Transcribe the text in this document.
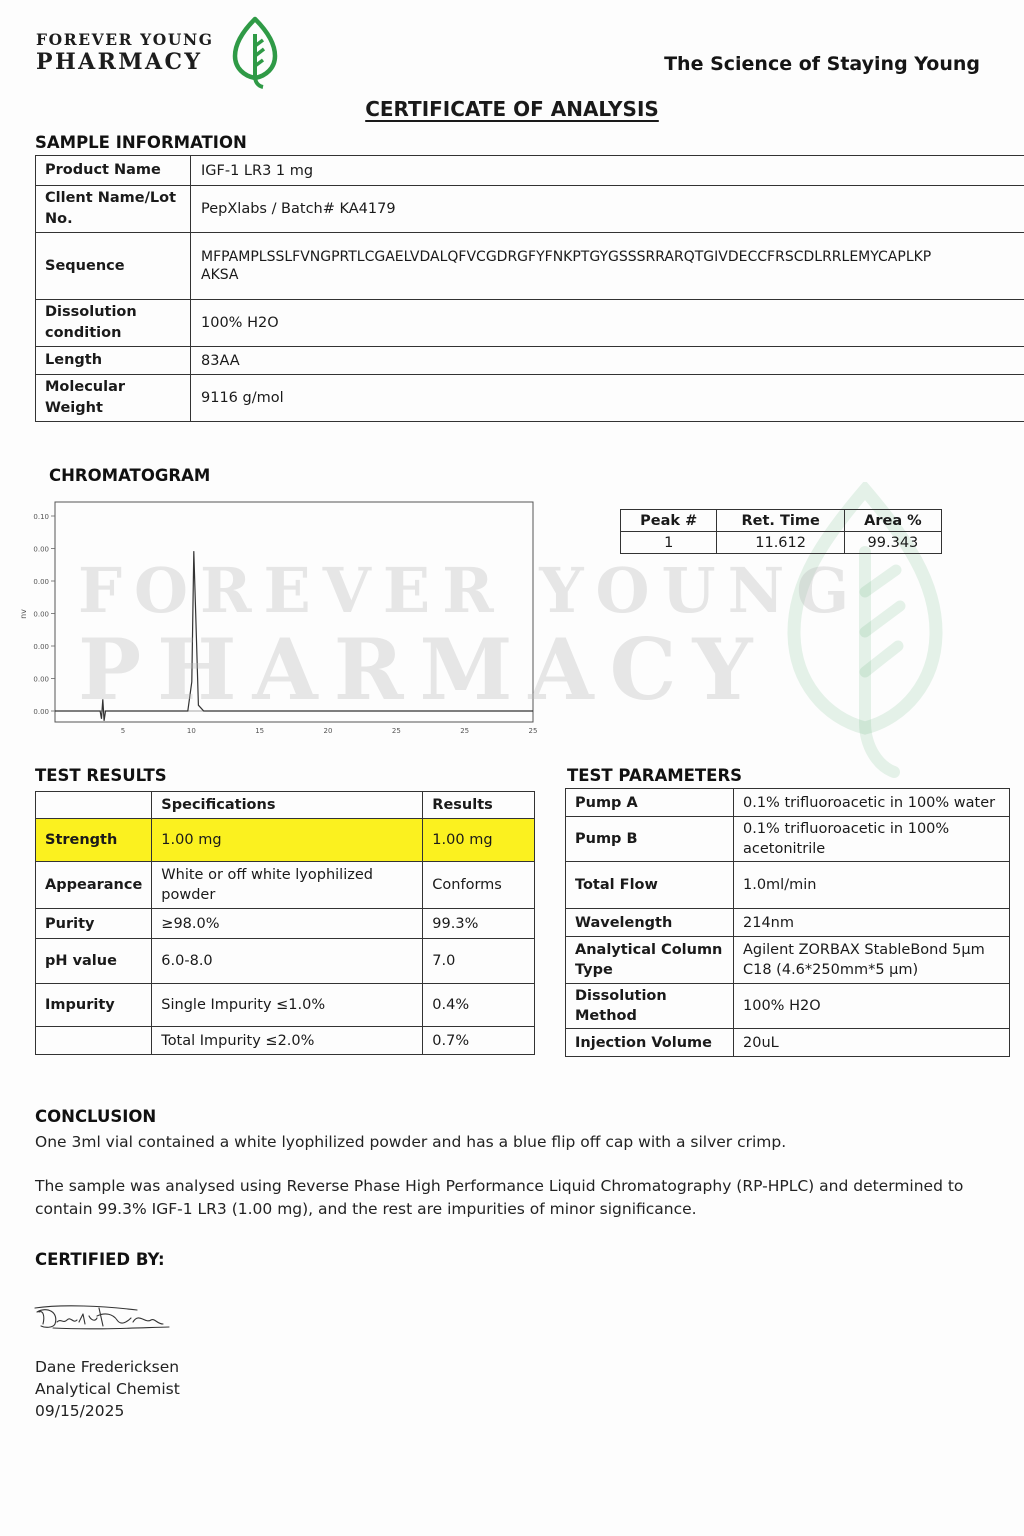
FOREVER YOUNG
PHARMACY	The Science of Staying Young
CERTIFICATE OF ANALYSIS
SAMPLE INFORMATION
Product Name	IGF-1 LR3 1 mg
Cllent Name/Lot No.	PepXlabs / Batch# KA4179
Sequence	MFPAMPLSSLFVNGPRTLCGAELVDALQFVCGDRGFYFNKPTGYGSSSRRARQTGIVDECCFRSCDLRRLEMYCAPLKPAKSA

Dissolution condition	100% H2O
Length	83AA
Molecular Weight	9116 g/mol
FOREVER YOUNG
PHARMACY
CHROMATOGRAM
0.10
0.00
0.00
0.00
0.00
0.00
0.00
5	10	15	20	25	25	25
nv
Peak #	Ret. Time	Area %
1	11.612	99.343
TEST RESULTS
	Specifications	Results
Strength	1.00 mg	1.00 mg
Appearance	White or off white lyophilized powder	Conforms
Purity	≥98.0%	99.3%
pH value	6.0-8.0	7.0
Impurity	Single Impurity ≤1.0%	0.4%
	Total Impurity ≤2.0%	0.7%
TEST PARAMETERS
Pump A	0.1% trifluoroacetic in 100% water
Pump B	0.1% trifluoroacetic in 100% acetonitrile
Total Flow	1.0ml/min
Wavelength	214nm
Analytical Column Type	Agilent ZORBAX StableBond 5μm C18 (4.6*250mm*5 μm)
Dissolution Method	100% H2O
Injection Volume	20uL
CONCLUSION
One 3ml vial contained a white lyophilized powder and has a blue flip off cap with a silver crimp.
The sample was analysed using Reverse Phase High Performance Liquid Chromatography (RP-HPLC) and determined to contain 99.3% IGF-1 LR3 (1.00 mg), and the rest are impurities of minor significance.
CERTIFIED BY:
Dane Fredericksen
Analytical Chemist
09/15/2025
